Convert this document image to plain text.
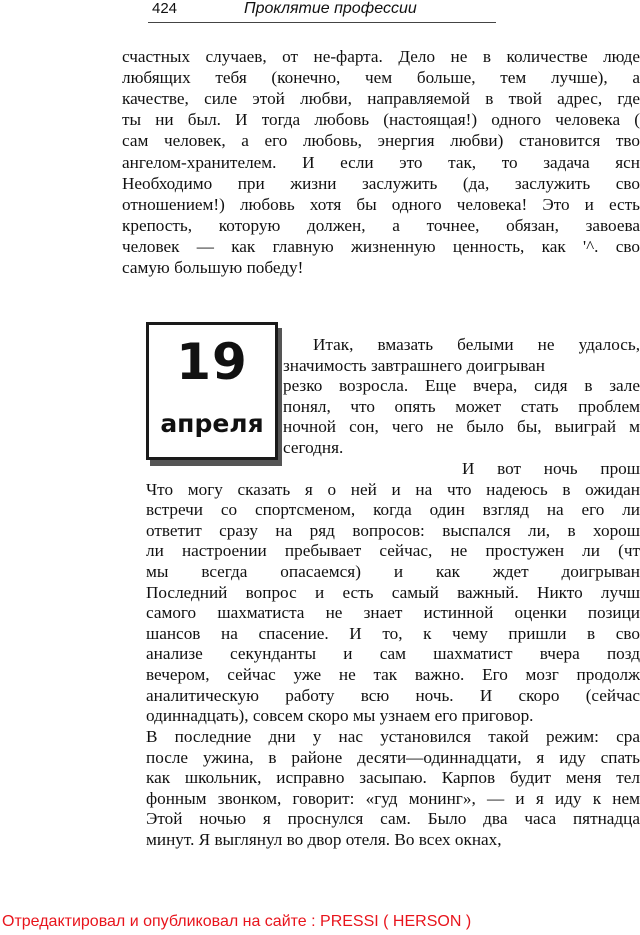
424	Проклятие профессии
счастных случаев, от не-фарта. Дело не в количестве люде
любящих тебя (конечно, чем больше, тем лучше), а
качестве, силе этой любви, направляемой в твой адрес, где
ты ни был. И тогда любовь (настоящая!) одного человека (
сам человек, а его любовь, энергия любви) становится тво
ангелом-хранителем. И если это так, то задача ясн
Необходимо при жизни заслужить (да, заслужить сво
отношением!) любовь хотя бы одного человека! Это и есть
крепость, которую должен, а точнее, обязан, завоева
человек — как главную жизненную ценность, как '^. сво
самую большую победу!
Итак, вмазать белыми не удалось,
значимость завтрашнего доигрыван
резко возросла. Еще вчера, сидя в зале
понял, что опять может стать проблем
ночной сон, чего не было бы, выиграй м
сегодня.
И вот ночь прош
Что могу сказать я о ней и на что надеюсь в ожидан
встречи со спортсменом, когда один взгляд на его ли
ответит сразу на ряд вопросов: выспался ли, в хорош
ли настроении пребывает сейчас, не простужен ли (чт
мы всегда опасаемся) и как ждет доигрыван
Последний вопрос и есть самый важный. Никто лучш
самого шахматиста не знает истинной оценки позици
шансов на спасение. И то, к чему пришли в сво
анализе секунданты и сам шахматист вчера позд
вечером, сейчас уже не так важно. Его мозг продолж
аналитическую работу всю ночь. И скоро (сейчас
одиннадцать), совсем скоро мы узнаем его приговор.
В последние дни у нас установился такой режим: сра
после ужина, в районе десяти—одиннадцати, я иду спать
как школьник, исправно засыпаю. Карпов будит меня тел
фонным звонком, говорит: «гуд монинг», — и я иду к нем
Этой ночью я проснулся сам. Было два часа пятнадца
минут. Я выглянул во двор отеля. Во всех окнах,
19
апреля
Отредактировал и опубликовал на сайте : PRESSI ( HERSON )
